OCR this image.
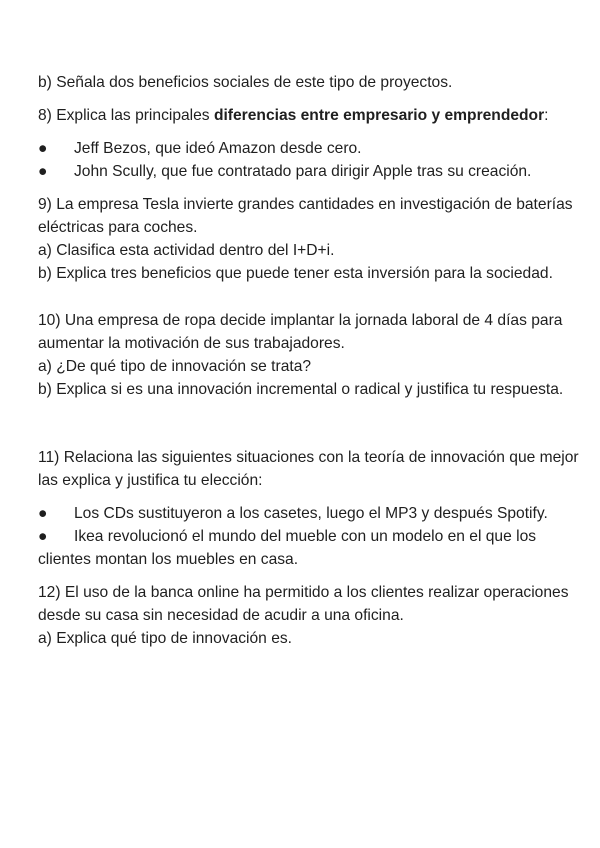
b) Señala dos beneficios sociales de este tipo de proyectos.

8) Explica las principales diferencias entre empresario y emprendedor:

● Jeff Bezos, que ideó Amazon desde cero.

● John Scully, que fue contratado para dirigir Apple tras su creación.

9) La empresa Tesla invierte grandes cantidades en investigación de baterías eléctricas para coches.

a) Clasifica esta actividad dentro del I+D+i.

b) Explica tres beneficios que puede tener esta inversión para la sociedad.

10) Una empresa de ropa decide implantar la jornada laboral de 4 días para aumentar la motivación de sus trabajadores.

a) ¿De qué tipo de innovación se trata?

b) Explica si es una innovación incremental o radical y justifica tu respuesta.

11) Relaciona las siguientes situaciones con la teoría de innovación que mejor las explica y justifica tu elección:

● Los CDs sustituyeron a los casetes, luego el MP3 y después Spotify.

● Ikea revolucionó el mundo del mueble con un modelo en el que los clientes montan los muebles en casa.

12) El uso de la banca online ha permitido a los clientes realizar operaciones desde su casa sin necesidad de acudir a una oficina.

a) Explica qué tipo de innovación es.
